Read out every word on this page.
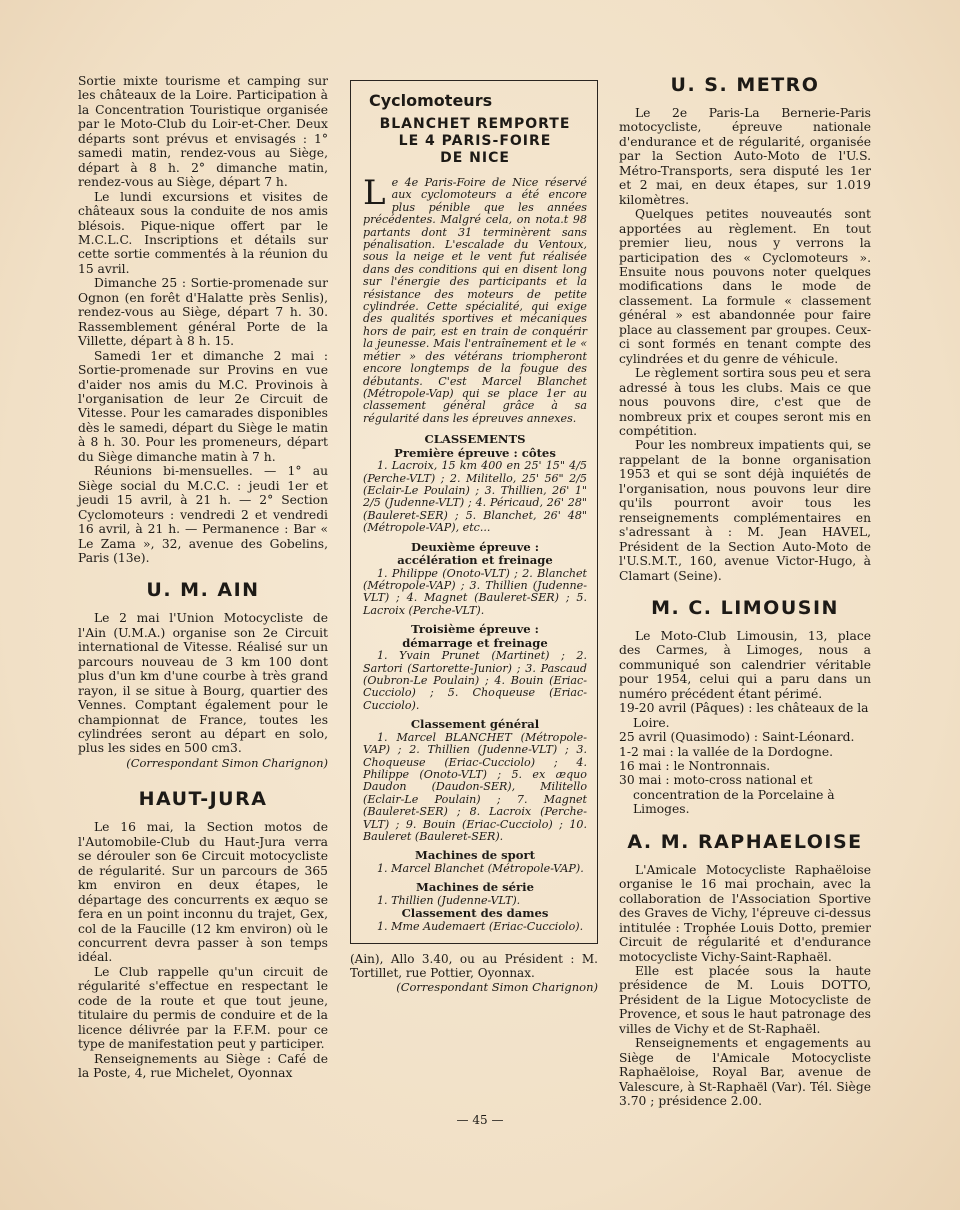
Sortie mixte tourisme et camping sur les châteaux de la Loire. Participation à la Concentration Touristique organisée par le Moto-Club du Loir-et-Cher. Deux départs sont prévus et envisagés : 1° samedi matin, rendez-vous au Siège, départ à 8 h. 2° dimanche matin, rendez-vous au Siège, départ 7 h.

Le lundi excursions et visites de châteaux sous la conduite de nos amis blésois. Pique-nique offert par le M.C.L.C. Inscriptions et détails sur cette sortie commentés à la réunion du 15 avril.

Dimanche 25 : Sortie-promenade sur Ognon (en forêt d'Halatte près Senlis), rendez-vous au Siège, départ 7 h. 30. Rassemblement général Porte de la Villette, départ à 8 h. 15.

Samedi 1er et dimanche 2 mai : Sortie-promenade sur Provins en vue d'aider nos amis du M.C. Provinois à l'organisation de leur 2e Circuit de Vitesse. Pour les camarades disponibles dès le samedi, départ du Siège le matin à 8 h. 30. Pour les promeneurs, départ du Siège dimanche matin à 7 h.

Réunions bi-mensuelles. — 1° au Siège social du M.C.C. : jeudi 1er et jeudi 15 avril, à 21 h. — 2° Section Cyclomoteurs : vendredi 2 et vendredi 16 avril, à 21 h. — Permanence : Bar « Le Zama », 32, avenue des Gobelins, Paris (13e).

U. M. AIN

Le 2 mai l'Union Motocycliste de l'Ain (U.M.A.) organise son 2e Circuit international de Vitesse. Réalisé sur un parcours nouveau de 3 km 100 dont plus d'un km d'une courbe à très grand rayon, il se situe à Bourg, quartier des Vennes. Comptant également pour le championnat de France, toutes les cylindrées seront au départ en solo, plus les sides en 500 cm3.

(Correspondant Simon Charignon)

HAUT-JURA

Le 16 mai, la Section motos de l'Automobile-Club du Haut-Jura verra se dérouler son 6e Circuit motocycliste de régularité. Sur un parcours de 365 km environ en deux étapes, le départage des concurrents ex æquo se fera en un point inconnu du trajet, Gex, col de la Faucille (12 km environ) où le concurrent devra passer à son temps idéal.

Le Club rappelle qu'un circuit de régularité s'effectue en respectant le code de la route et que tout jeune, titulaire du permis de conduire et de la licence délivrée par la F.F.M. pour ce type de manifestation peut y participer.

Renseignements au Siège : Café de la Poste, 4, rue Michelet, Oyonnax

Cyclomoteurs
BLANCHET REMPORTE
LE 4 PARIS-FOIRE
DE NICE

Le 4e Paris-Foire de Nice réservé aux cyclomoteurs a été encore plus pénible que les années précédentes. Malgré cela, on nota.t 98 partants dont 31 terminèrent sans pénalisation. L'escalade du Ventoux, sous la neige et le vent fut réalisée dans des conditions qui en disent long sur l'énergie des participants et la résistance des moteurs de petite cylindrée. Cette spécialité, qui exige des qualités sportives et mécaniques hors de pair, est en train de conquérir la jeunesse. Mais l'entraînement et le « métier » des vétérans triompheront encore longtemps de la fougue des débutants. C'est Marcel Blanchet (Métropole-Vap) qui se place 1er au classement général grâce à sa régularité dans les épreuves annexes.

CLASSEMENTS
Première épreuve : côtes

1. Lacroix, 15 km 400 en 25' 15" 4/5 (Perche-VLT) ; 2. Militello, 25' 56" 2/5 (Eclair-Le Poulain) ; 3. Thillien, 26' 1" 2/5 (Judenne-VLT) ; 4. Péricaud, 26' 28" (Bauleret-SER) ; 5. Blanchet, 26' 48" (Métropole-VAP), etc...

Deuxième épreuve :
accélération et freinage

1. Philippe (Onoto-VLT) ; 2. Blanchet (Métropole-VAP) ; 3. Thillien (Judenne-VLT) ; 4. Magnet (Bauleret-SER) ; 5. Lacroix (Perche-VLT).

Troisième épreuve :
démarrage et freinage

1. Yvain Prunet (Martinet) ; 2. Sartori (Sartorette-Junior) ; 3. Pascaud (Oubron-Le Poulain) ; 4. Bouin (Eriac-Cucciolo) ; 5. Choqueuse (Eriac-Cucciolo).

Classement général

1. Marcel BLANCHET (Métropole-VAP) ; 2. Thillien (Judenne-VLT) ; 3. Choqueuse (Eriac-Cucciolo) ; 4. Philippe (Onoto-VLT) ; 5. ex æquo Daudon (Daudon-SER), Militello (Eclair-Le Poulain) ; 7. Magnet (Bauleret-SER) ; 8. Lacroix (Perche-VLT) ; 9. Bouin (Eriac-Cucciolo) ; 10. Bauleret (Bauleret-SER).

Machines de sport

1. Marcel Blanchet (Métropole-VAP).

Machines de série

1. Thillien (Judenne-VLT).

Classement des dames

1. Mme Audemaert (Eriac-Cucciolo).

(Ain), Allo 3.40, ou au Président : M. Tortillet, rue Pottier, Oyonnax.

(Correspondant Simon Charignon)

U. S. METRO

Le 2e Paris-La Bernerie-Paris motocycliste, épreuve nationale d'endurance et de régularité, organisée par la Section Auto-Moto de l'U.S. Métro-Transports, sera disputé les 1er et 2 mai, en deux étapes, sur 1.019 kilomètres.

Quelques petites nouveautés sont apportées au règlement. En tout premier lieu, nous y verrons la participation des « Cyclomoteurs ». Ensuite nous pouvons noter quelques modifications dans le mode de classement. La formule « classement général » est abandonnée pour faire place au classement par groupes. Ceux-ci sont formés en tenant compte des cylindrées et du genre de véhicule.

Le règlement sortira sous peu et sera adressé à tous les clubs. Mais ce que nous pouvons dire, c'est que de nombreux prix et coupes seront mis en compétition.

Pour les nombreux impatients qui, se rappelant de la bonne organisation 1953 et qui se sont déjà inquiétés de l'organisation, nous pouvons leur dire qu'ils pourront avoir tous les renseignements complémentaires en s'adressant à : M. Jean HAVEL, Président de la Section Auto-Moto de l'U.S.M.T., 160, avenue Victor-Hugo, à Clamart (Seine).

M. C. LIMOUSIN

Le Moto-Club Limousin, 13, place des Carmes, à Limoges, nous a communiqué son calendrier véritable pour 1954, celui qui a paru dans un numéro précédent étant périmé.

19-20 avril (Pâques) : les châteaux de la Loire.

25 avril (Quasimodo) : Saint-Léonard.

1-2 mai : la vallée de la Dordogne.

16 mai : le Nontronnais.

30 mai : moto-cross national et concentration de la Porcelaine à Limoges.

A. M. RAPHAELOISE

L'Amicale Motocycliste Raphaëloise organise le 16 mai prochain, avec la collaboration de l'Association Sportive des Graves de Vichy, l'épreuve ci-dessus intitulée : Trophée Louis Dotto, premier Circuit de régularité et d'endurance motocycliste Vichy-Saint-Raphaël.

Elle est placée sous la haute présidence de M. Louis DOTTO, Président de la Ligue Motocycliste de Provence, et sous le haut patronage des villes de Vichy et de St-Raphaël.

Renseignements et engagements au Siège de l'Amicale Motocycliste Raphaëloise, Royal Bar, avenue de Valescure, à St-Raphaël (Var). Tél. Siège 3.70 ; présidence 2.00.

— 45 —
